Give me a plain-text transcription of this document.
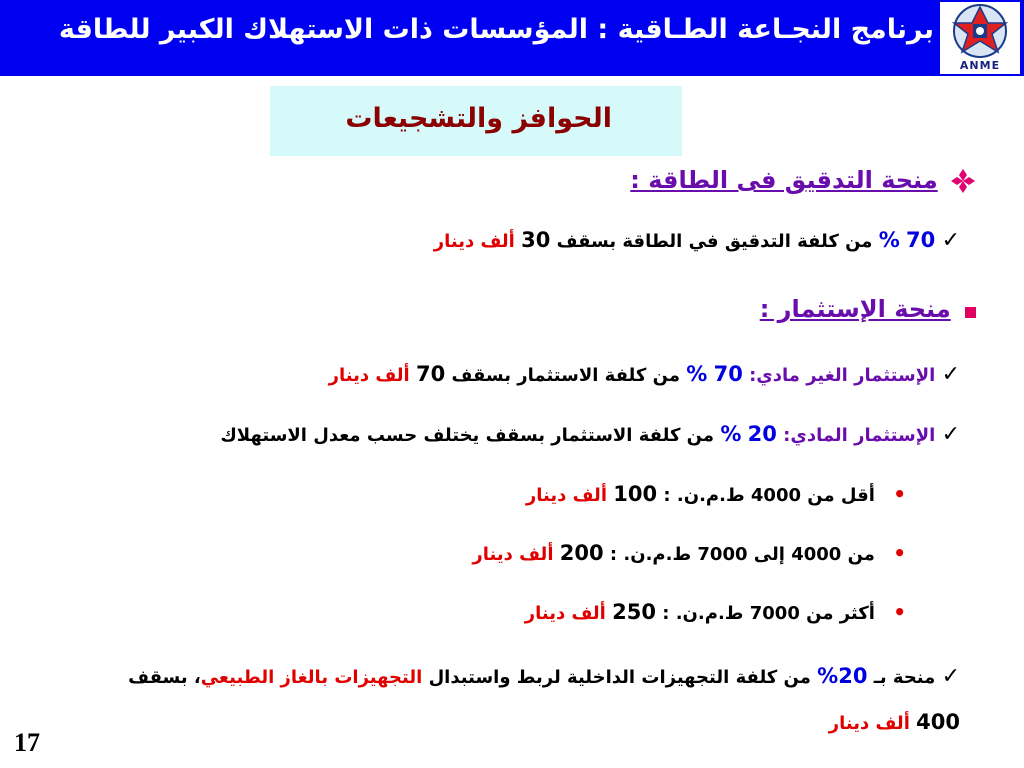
برنامج النجـاعة الطـاقية : المؤسسات ذات الاستهلاك الكبير للطاقة
ANME
الحوافز والتشجيعات
منحة التدقيق فى الطاقة :
✓ 70 % من كلفة التدقيق في الطاقة بسقف 30 ألف دينار
منحة الإستثمار :
✓ الإستثمار الغير مادي: 70 % من كلفة الاستثمار بسقف 70 ألف دينار
✓ الإستثمار المادي: 20 % من كلفة الاستثمار بسقف يختلف حسب معدل الاستهلاك
• أقل من 4000 ط.م.ن. : 100 ألف دينار
• من 4000 إلى 7000 ط.م.ن. : 200 ألف دينار
• أكثر من 7000 ط.م.ن. : 250 ألف دينار
✓ منحة بـ 20% من كلفة التجهيزات الداخلية لربط واستبدال التجهيزات بالغاز الطبيعي، بسقف
400 ألف دينار
17
